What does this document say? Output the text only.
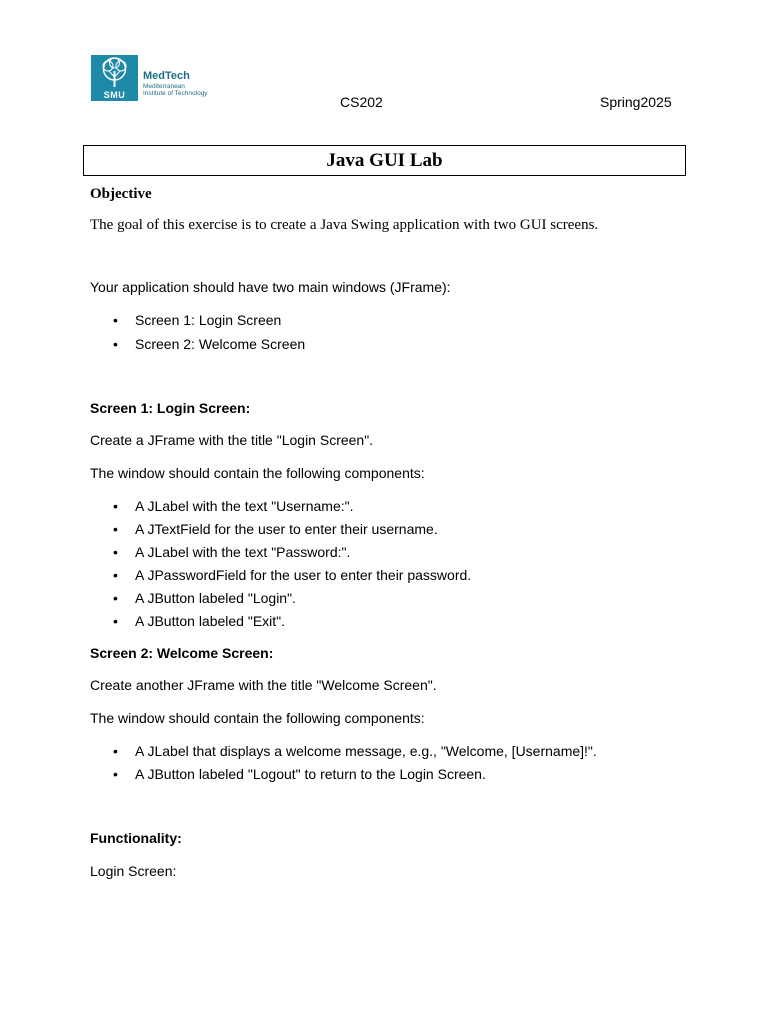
SMU
MedTech
Mediterranean
Institute of Technology
CS202	Spring2025
Java GUI Lab
Objective
The goal of this exercise is to create a Java Swing application with two GUI screens.
Your application should have two main windows (JFrame):
• Screen 1: Login Screen
• Screen 2: Welcome Screen
Screen 1: Login Screen:
Create a JFrame with the title "Login Screen".
The window should contain the following components:
• A JLabel with the text "Username:".
• A JTextField for the user to enter their username.
• A JLabel with the text "Password:".
• A JPasswordField for the user to enter their password.
• A JButton labeled "Login".
• A JButton labeled "Exit".
Screen 2: Welcome Screen:
Create another JFrame with the title "Welcome Screen".
The window should contain the following components:
• A JLabel that displays a welcome message, e.g., "Welcome, [Username]!".
• A JButton labeled "Logout" to return to the Login Screen.
Functionality:
Login Screen:
